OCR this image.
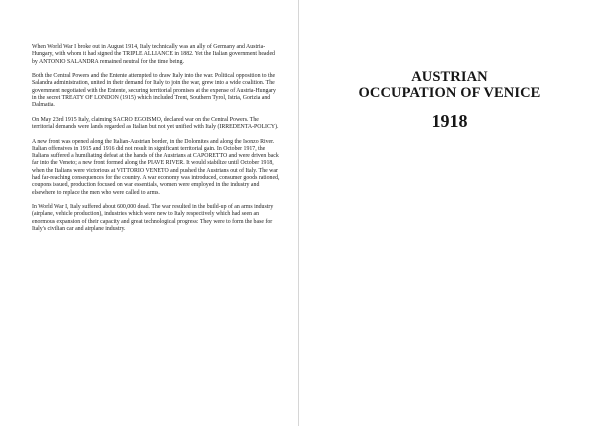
When World War I broke out in August 1914, Italy technically was an ally of Germany and Austria-Hungary, with whom it had signed the TRIPLE ALLIANCE in 1882. Yet the Italian government headed by ANTONIO SALANDRA remained neutral for the time being.

Both the Central Powers and the Entente attempted to draw Italy into the war. Political opposition to the Salandra administration, united in their demand for Italy to join the war, grew into a wide coalition. The government negotiated with the Entente, securing territorial promises at the expense of Austria-Hungary in the secret TREATY OF LONDON (1915) which included Trent, Southern Tyrol, Istria, Gorizia and Dalmatia.

On May 23rd 1915 Italy, claiming SACRO EGOISMO, declared war on the Central Powers. The territorial demands were lands regarded as Italian but not yet unified with Italy (IRREDENTA-POLICY).

A new front was opened along the Italian-Austrian border, in the Dolomites and along the Isonzo River. Italian offensives in 1915 and 1916 did not result in significant territorial gain. In October 1917, the Italians suffered a humiliating defeat at the hands of the Austrians at CAPORETTO and were driven back far into the Veneto; a new front formed along the PIAVE RIVER. It would stabilize until October 1918, when the Italians were victorious at VITTORIO VENETO and pushed the Austrians out of Italy. The war had far-reaching consequences for the country. A war economy was introduced, consumer goods rationed, coupons issued, production focused on war essentials, women were employed in the industry and elsewhere to replace the men who were called to arms.

In World War I, Italy suffered about 600,000 dead. The war resulted in the build-up of an arms industry (airplane, vehicle production), industries which were new to Italy respectively which had seen an enormous expansion of their capacity and great technological progress: They were to form the base for Italy's civilian car and airplane industry.

AUSTRIAN
OCCUPATION OF VENICE
1918
